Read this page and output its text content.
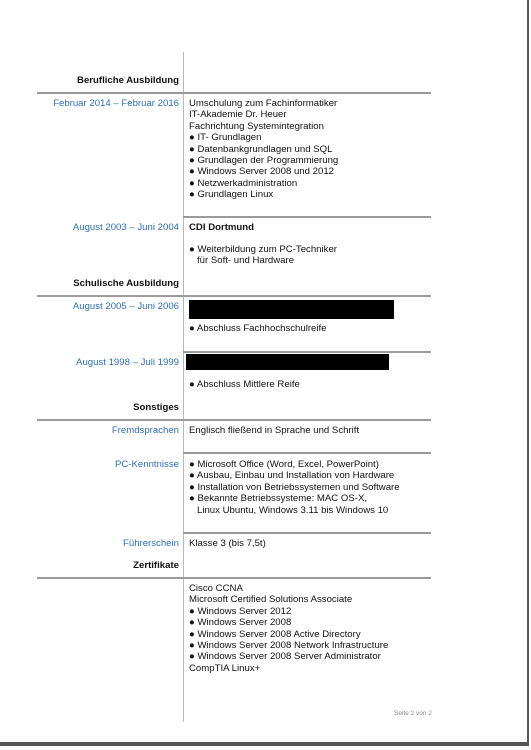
Berufliche Ausbildung
Februar 2014 – Februar 2016 Umschulung zum Fachinformatiker
IT-Akademie Dr. Heuer
Fachrichtung Systemintegration
● IT- Grundlagen
● Datenbankgrundlagen und SQL
● Grundlagen der Programmierung
● Windows Server 2008 und 2012
● Netzwerkadministration
● Grundlagen Linux
August 2003 – Juni 2004 CDI Dortmund
● Weiterbildung zum PC-Techniker
für Soft- und Hardware
Schulische Ausbildung
August 2005 – Juni 2006
● Abschluss Fachhochschulreife
August 1998 – Juli 1999
● Abschluss Mittlere Reife
Sonstiges
Fremdsprachen Englisch fließend in Sprache und Schrift
PC-Kenntnisse ● Microsoft Office (Word, Excel, PowerPoint)
● Ausbau, Einbau und Installation von Hardware
● Installation von Betriebssystemen und Software
● Bekannte Betriebssysteme: MAC OS-X,
Linux Ubuntu, Windows 3.11 bis Windows 10
Führerschein Klasse 3 (bis 7,5t)
Zertifikate
Cisco CCNA
Microsoft Certified Solutions Associate
● Windows Server 2012
● Windows Server 2008
● Windows Server 2008 Active Directory
● Windows Server 2008 Network Infrastructure
● Windows Server 2008 Server Administrator
CompTIA Linux+
Seite 2 von 2
